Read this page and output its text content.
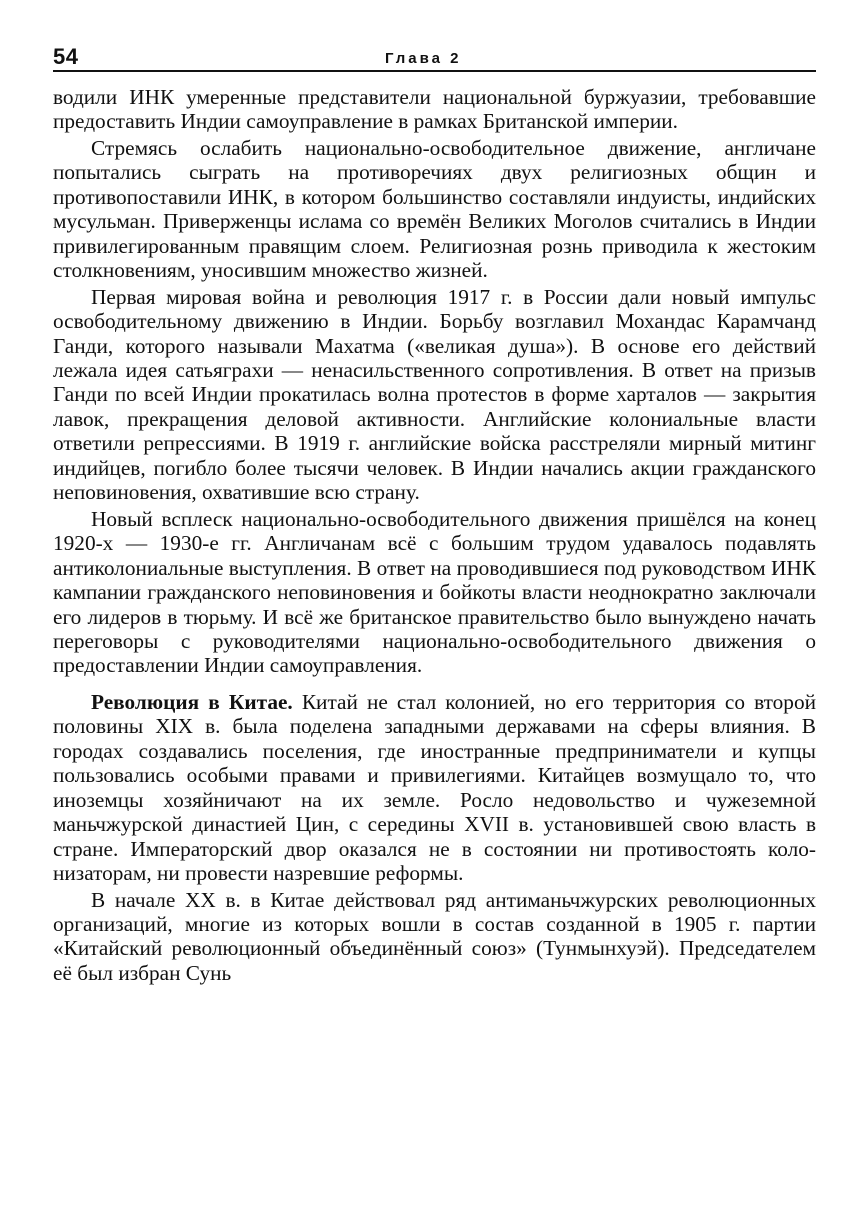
54	Глава 2

водили ИНК умеренные представители национальной буржуазии, требовавшие предоставить Индии самоуправление в рамках Британской империи.

Стремясь ослабить национально-освободительное движение, англичане попытались сыграть на противоречиях двух религиозных общин и противопоставили ИНК, в котором большинство составляли индуисты, индийских мусульман. Приверженцы ислама со времён Великих Моголов считались в Индии привилегированным правящим слоем. Религиозная рознь приводила к жестоким столкновениям, уносившим множество жизней.

Первая мировая война и революция 1917 г. в России дали новый импульс освободительному движению в Индии. Борьбу возглавил Мохандас Карамчанд Ганди, которого называли Махатма («великая душа»). В основе его действий лежала идея сатьяграхи — ненасильственного сопротивления. В ответ на призыв Ганди по всей Индии прокатилась волна протестов в форме харталов — закрытия лавок, прекращения деловой активности. Английские колониальные власти ответили репрессиями. В 1919 г. английские войска расстреляли мирный митинг индийцев, погибло более тысячи человек. В Индии начались акции гражданского неповиновения, охватившие всю страну.

Новый всплеск национально-освободительного движения пришёлся на конец 1920-х — 1930-е гг. Англичанам всё с большим трудом удавалось подавлять антиколониальные выступления. В ответ на проводившиеся под руководством ИНК кампании гражданского неповиновения и бойкоты власти неоднократно заключали его лидеров в тюрьму. И всё же британское правительство было вынуждено начать переговоры с руководителями национально-освободительного движения о предоставлении Индии самоуправления.

Революция в Китае. Китай не стал колонией, но его территория со второй половины XIX в. была поделена западными державами на сферы влияния. В городах создавались поселения, где иностранные предприниматели и купцы пользовались особыми правами и привилегиями. Китайцев возмущало то, что иноземцы хозяйничают на их земле. Росло недовольство и чужеземной маньчжурской династией Цин, с середины XVII в. установившей свою власть в стране. Императорский двор оказался не в состоянии ни противостоять колонизаторам, ни провести назревшие реформы.

В начале XX в. в Китае действовал ряд антиманьчжурских революционных организаций, многие из которых вошли в состав созданной в 1905 г. партии «Китайский революционный объединённый союз» (Тунмынхуэй). Председателем её был избран Сунь
